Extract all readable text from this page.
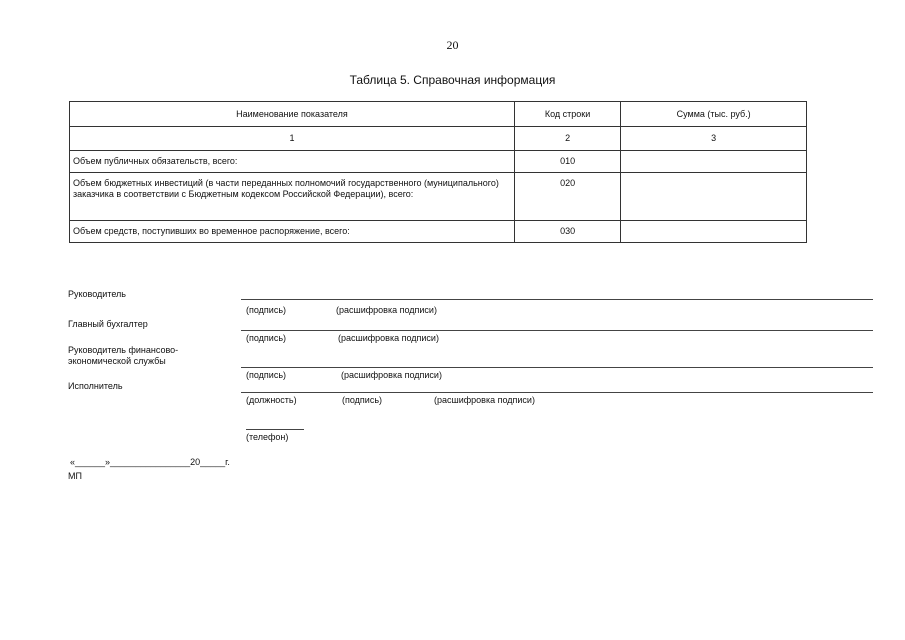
20
Таблица 5. Справочная информация
Наименование показателя	Код строки	Сумма (тыс. руб.)
1	2	3
Объем публичных обязательств, всего:	010	
Объем бюджетных инвестиций (в части переданных полномочий государственного (муниципального) заказчика в соответствии с Бюджетным кодексом Российской Федерации), всего:	020	
Объем средств, поступивших во временное распоряжение, всего:	030	
Руководитель
(подпись)	(расшифровка подписи)
Главный бухгалтер
(подпись)	(расшифровка подписи)
Руководитель финансово-экономической службы
(подпись)	(расшифровка подписи)
Исполнитель
(должность)	(подпись)	(расшифровка подписи)
(телефон)
«______»________________20_____г.
МП
